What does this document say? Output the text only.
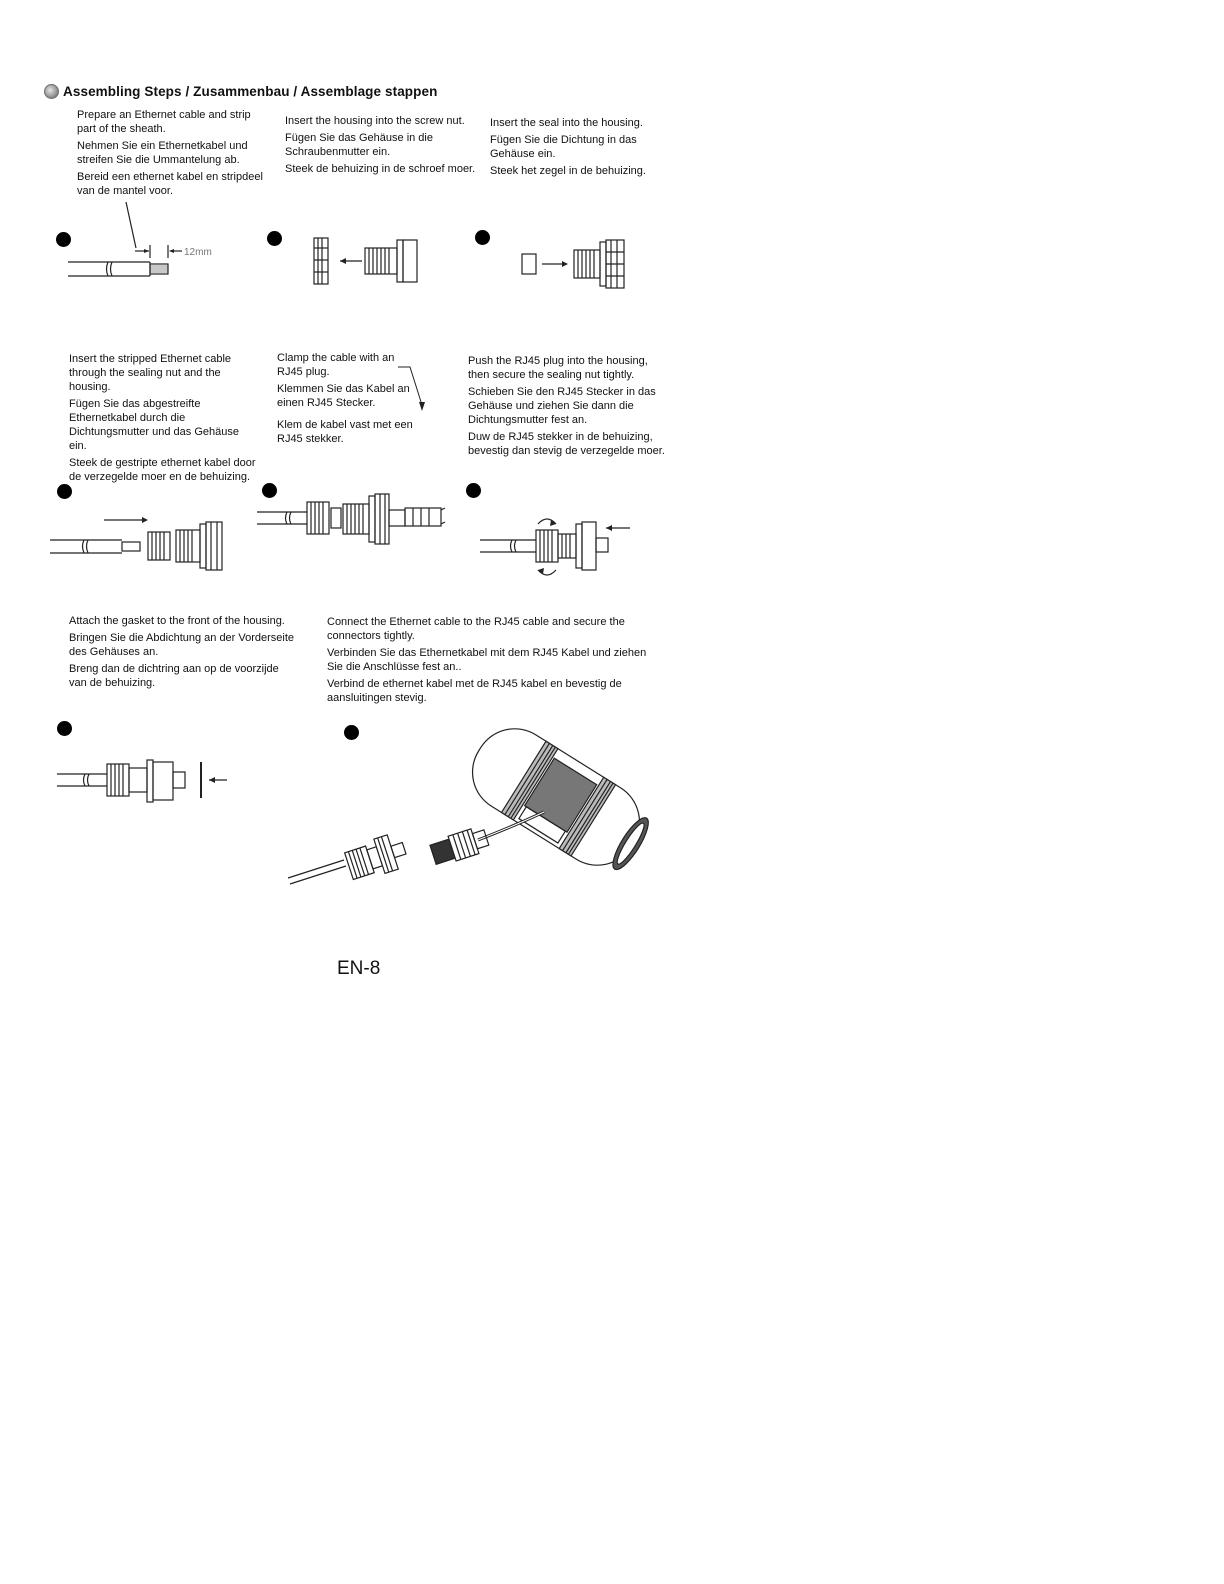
Assembling Steps / Zusammenbau / Assemblage stappen

Prepare an Ethernet cable and strip part of the sheath.

Nehmen Sie ein Ethernetkabel und streifen Sie die Ummantelung ab.

Bereid een ethernet kabel en stripdeel van de mantel voor.

Insert the housing into the screw nut.

Fügen Sie das Gehäuse in die Schraubenmutter ein.

Steek de behuizing in de schroef moer.

Insert the seal into the housing.

Fügen Sie die Dichtung in das Gehäuse ein.

Steek het zegel in de behuizing.

12mm

Insert the stripped Ethernet cable through the sealing nut and the housing.

Fügen Sie das abgestreifte Ethernetkabel durch die Dichtungsmutter und das Gehäuse ein.

Steek de gestripte ethernet kabel door de verzegelde moer en de behuizing.

Clamp the cable with an RJ45 plug.

Klemmen Sie das Kabel an einen RJ45 Stecker.

Klem de kabel vast met een RJ45 stekker.

Push the RJ45 plug into the housing, then secure the sealing nut tightly.

Schieben Sie den RJ45 Stecker in das Gehäuse und ziehen Sie dann die Dichtungsmutter fest an.

Duw de RJ45 stekker in de behuizing, bevestig dan stevig de verzegelde moer.

Attach the gasket to the front of the housing.

Bringen Sie die Abdichtung an der Vorderseite des Gehäuses an.

Breng dan de dichtring aan op de voorzijde van de behuizing.

Connect the Ethernet cable to the RJ45 cable and secure the connectors tightly.

Verbinden Sie das Ethernetkabel mit dem RJ45 Kabel und ziehen Sie die Anschlüsse fest an..

Verbind de ethernet kabel met de RJ45 kabel en bevestig de aansluitingen stevig.

EN-8
